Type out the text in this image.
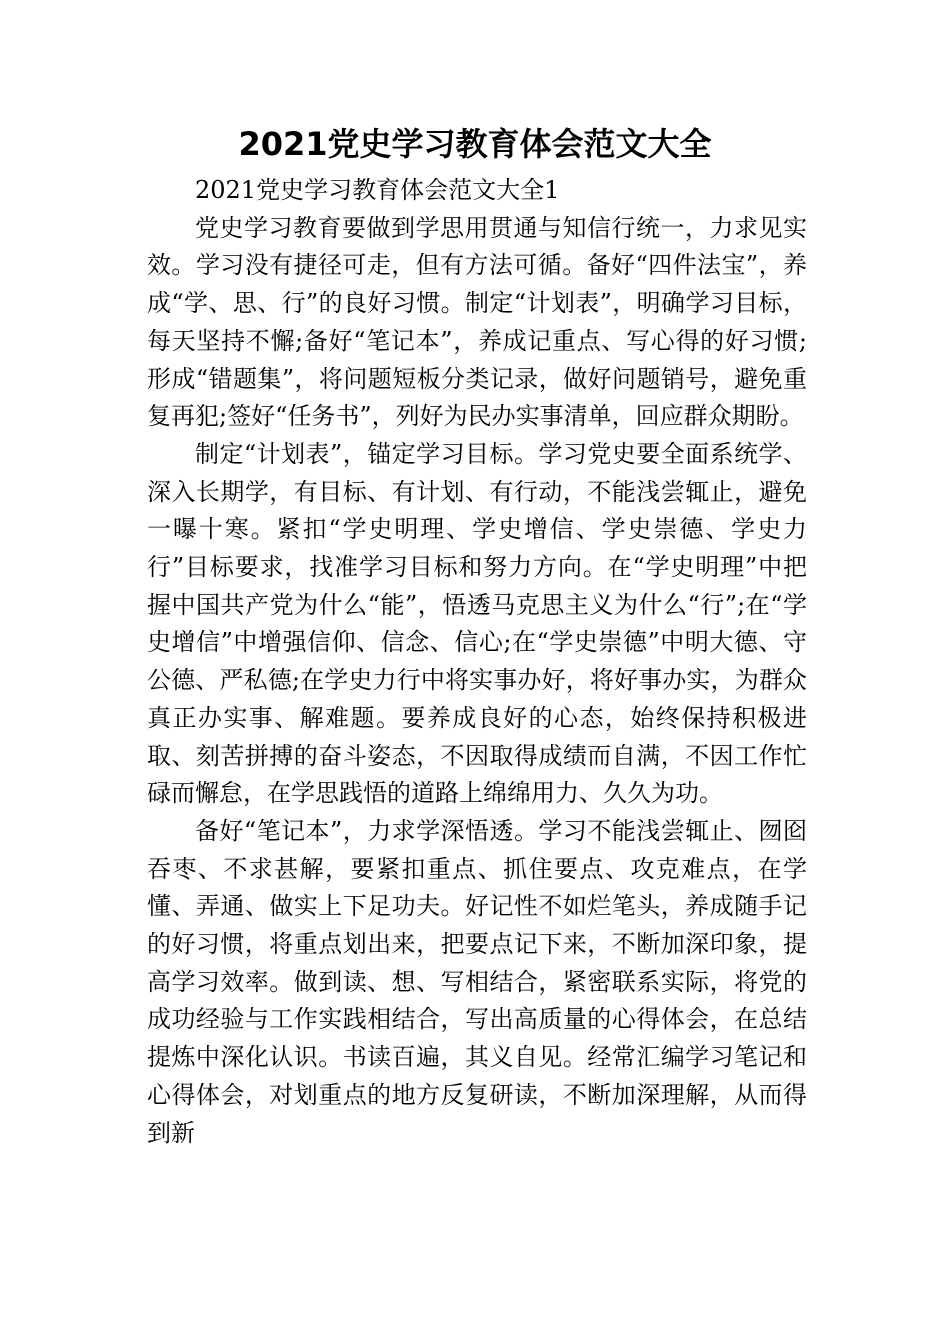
2021党史学习教育体会范文大全

2021党史学习教育体会范文大全1

党史学习教育要做到学思用贯通与知信行统一，力求见实效。学习没有捷径可走，但有方法可循。备好“四件法宝”，养成“学、思、行”的良好习惯。制定“计划表”，明确学习目标，每天坚持不懈;备好“笔记本”，养成记重点、写心得的好习惯;形成“错题集”，将问题短板分类记录，做好问题销号，避免重复再犯;签好“任务书”，列好为民办实事清单，回应群众期盼。

制定“计划表”，锚定学习目标。学习党史要全面系统学、深入长期学，有目标、有计划、有行动，不能浅尝辄止，避免一曝十寒。紧扣“学史明理、学史增信、学史崇德、学史力行”目标要求，找准学习目标和努力方向。在“学史明理”中把握中国共产党为什么“能”，悟透马克思主义为什么“行”;在“学史增信”中增强信仰、信念、信心;在“学史崇德”中明大德、守公德、严私德;在学史力行中将实事办好，将好事办实，为群众真正办实事、解难题。要养成良好的心态，始终保持积极进取、刻苦拼搏的奋斗姿态，不因取得成绩而自满，不因工作忙碌而懈怠，在学思践悟的道路上绵绵用力、久久为功。

备好“笔记本”，力求学深悟透。学习不能浅尝辄止、囫囵吞枣、不求甚解，要紧扣重点、抓住要点、攻克难点，在学懂、弄通、做实上下足功夫。好记性不如烂笔头，养成随手记的好习惯，将重点划出来，把要点记下来，不断加深印象，提高学习效率。做到读、想、写相结合，紧密联系实际，将党的成功经验与工作实践相结合，写出高质量的心得体会，在总结提炼中深化认识。书读百遍，其义自见。经常汇编学习笔记和心得体会，对划重点的地方反复研读，不断加深理解，从而得到新
